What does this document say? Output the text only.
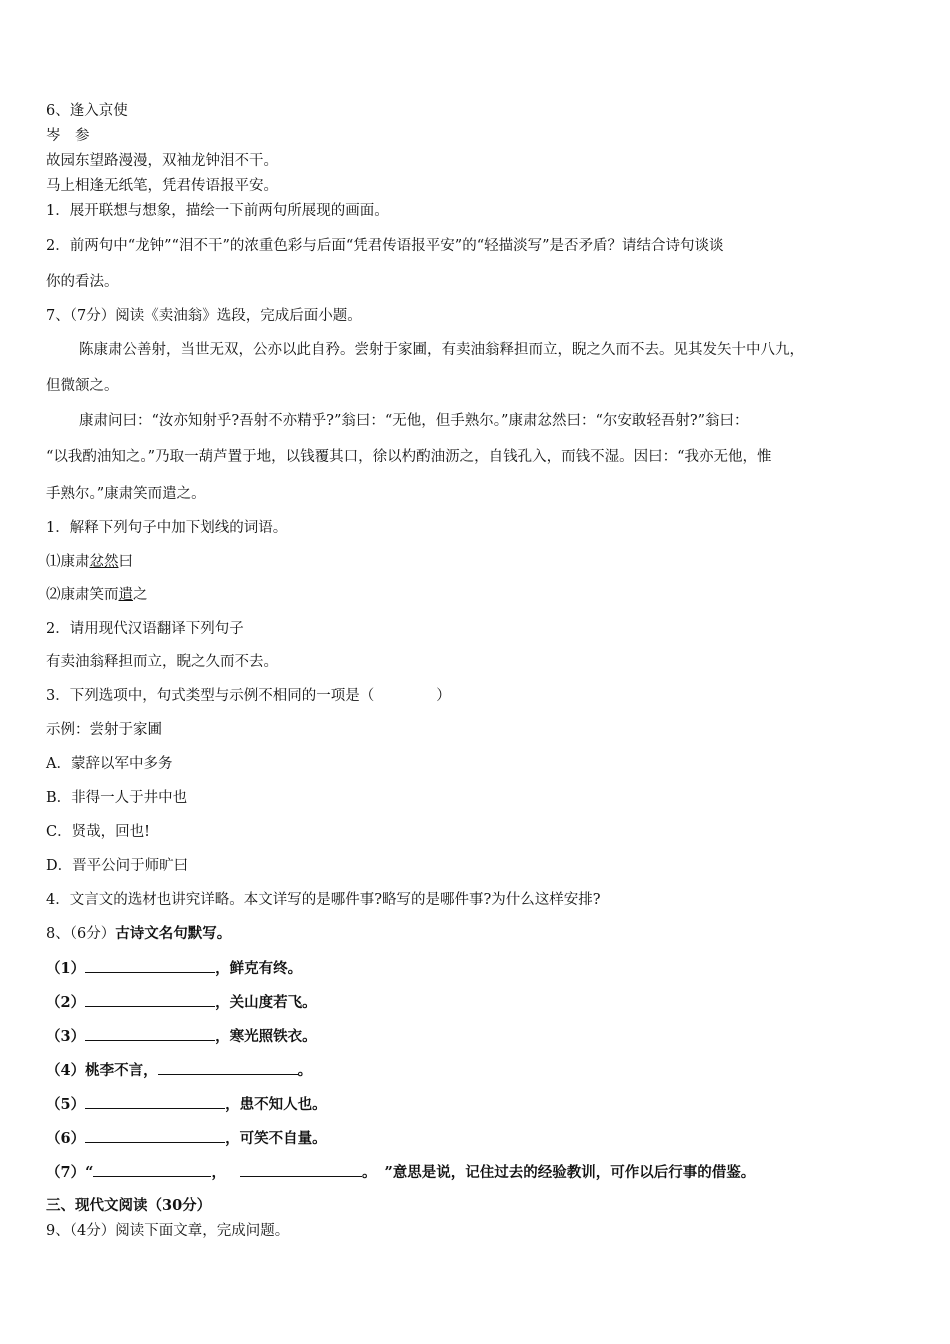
6、逢入京使
岑　参
故园东望路漫漫，双袖龙钟泪不干。
马上相逢无纸笔，凭君传语报平安。
1．展开联想与想象，描绘一下前两句所展现的画面。
2．前两句中“龙钟”“泪不干”的浓重色彩与后面“凭君传语报平安”的“轻描淡写”是否矛盾？请结合诗句谈谈
你的看法。
7、（7分）阅读《卖油翁》选段，完成后面小题。
陈康肃公善射，当世无双，公亦以此自矜。尝射于家圃，有卖油翁释担而立，睨之久而不去。见其发矢十中八九，
但微颔之。
康肃问曰：“汝亦知射乎?吾射不亦精乎?”翁曰：“无他，但手熟尔。”康肃忿然曰：“尔安敢轻吾射?”翁曰：
“以我酌油知之。”乃取一葫芦置于地，以钱覆其口，徐以杓酌油沥之，自钱孔入，而钱不湿。因曰：“我亦无他，惟
手熟尔。”康肃笑而遣之。
1．解释下列句子中加下划线的词语。
⑴康肃忿然曰
⑵康肃笑而遣之
2．请用现代汉语翻译下列句子
有卖油翁释担而立，睨之久而不去。
3．下列选项中，句式类型与示例不相同的一项是（	）
示例：尝射于家圃
A．蒙辞以军中多务
B．非得一人于井中也
C．贤哉，回也!
D．晋平公问于师旷曰
4．文言文的选材也讲究详略。本文详写的是哪件事?略写的是哪件事?为什么这样安排?
8、（6分）古诗文名句默写。
（1）	，鲜克有终。
（2）	，关山度若飞。
（3）	，寒光照铁衣。
（4）桃李不言，	。
（5）	，患不知人也。
（6）	，可笑不自量。
（7）“	，	。 ”意思是说，记住过去的经验教训，可作以后行事的借鉴。
三、现代文阅读（30分）
9、（4分）阅读下面文章，完成问题。
